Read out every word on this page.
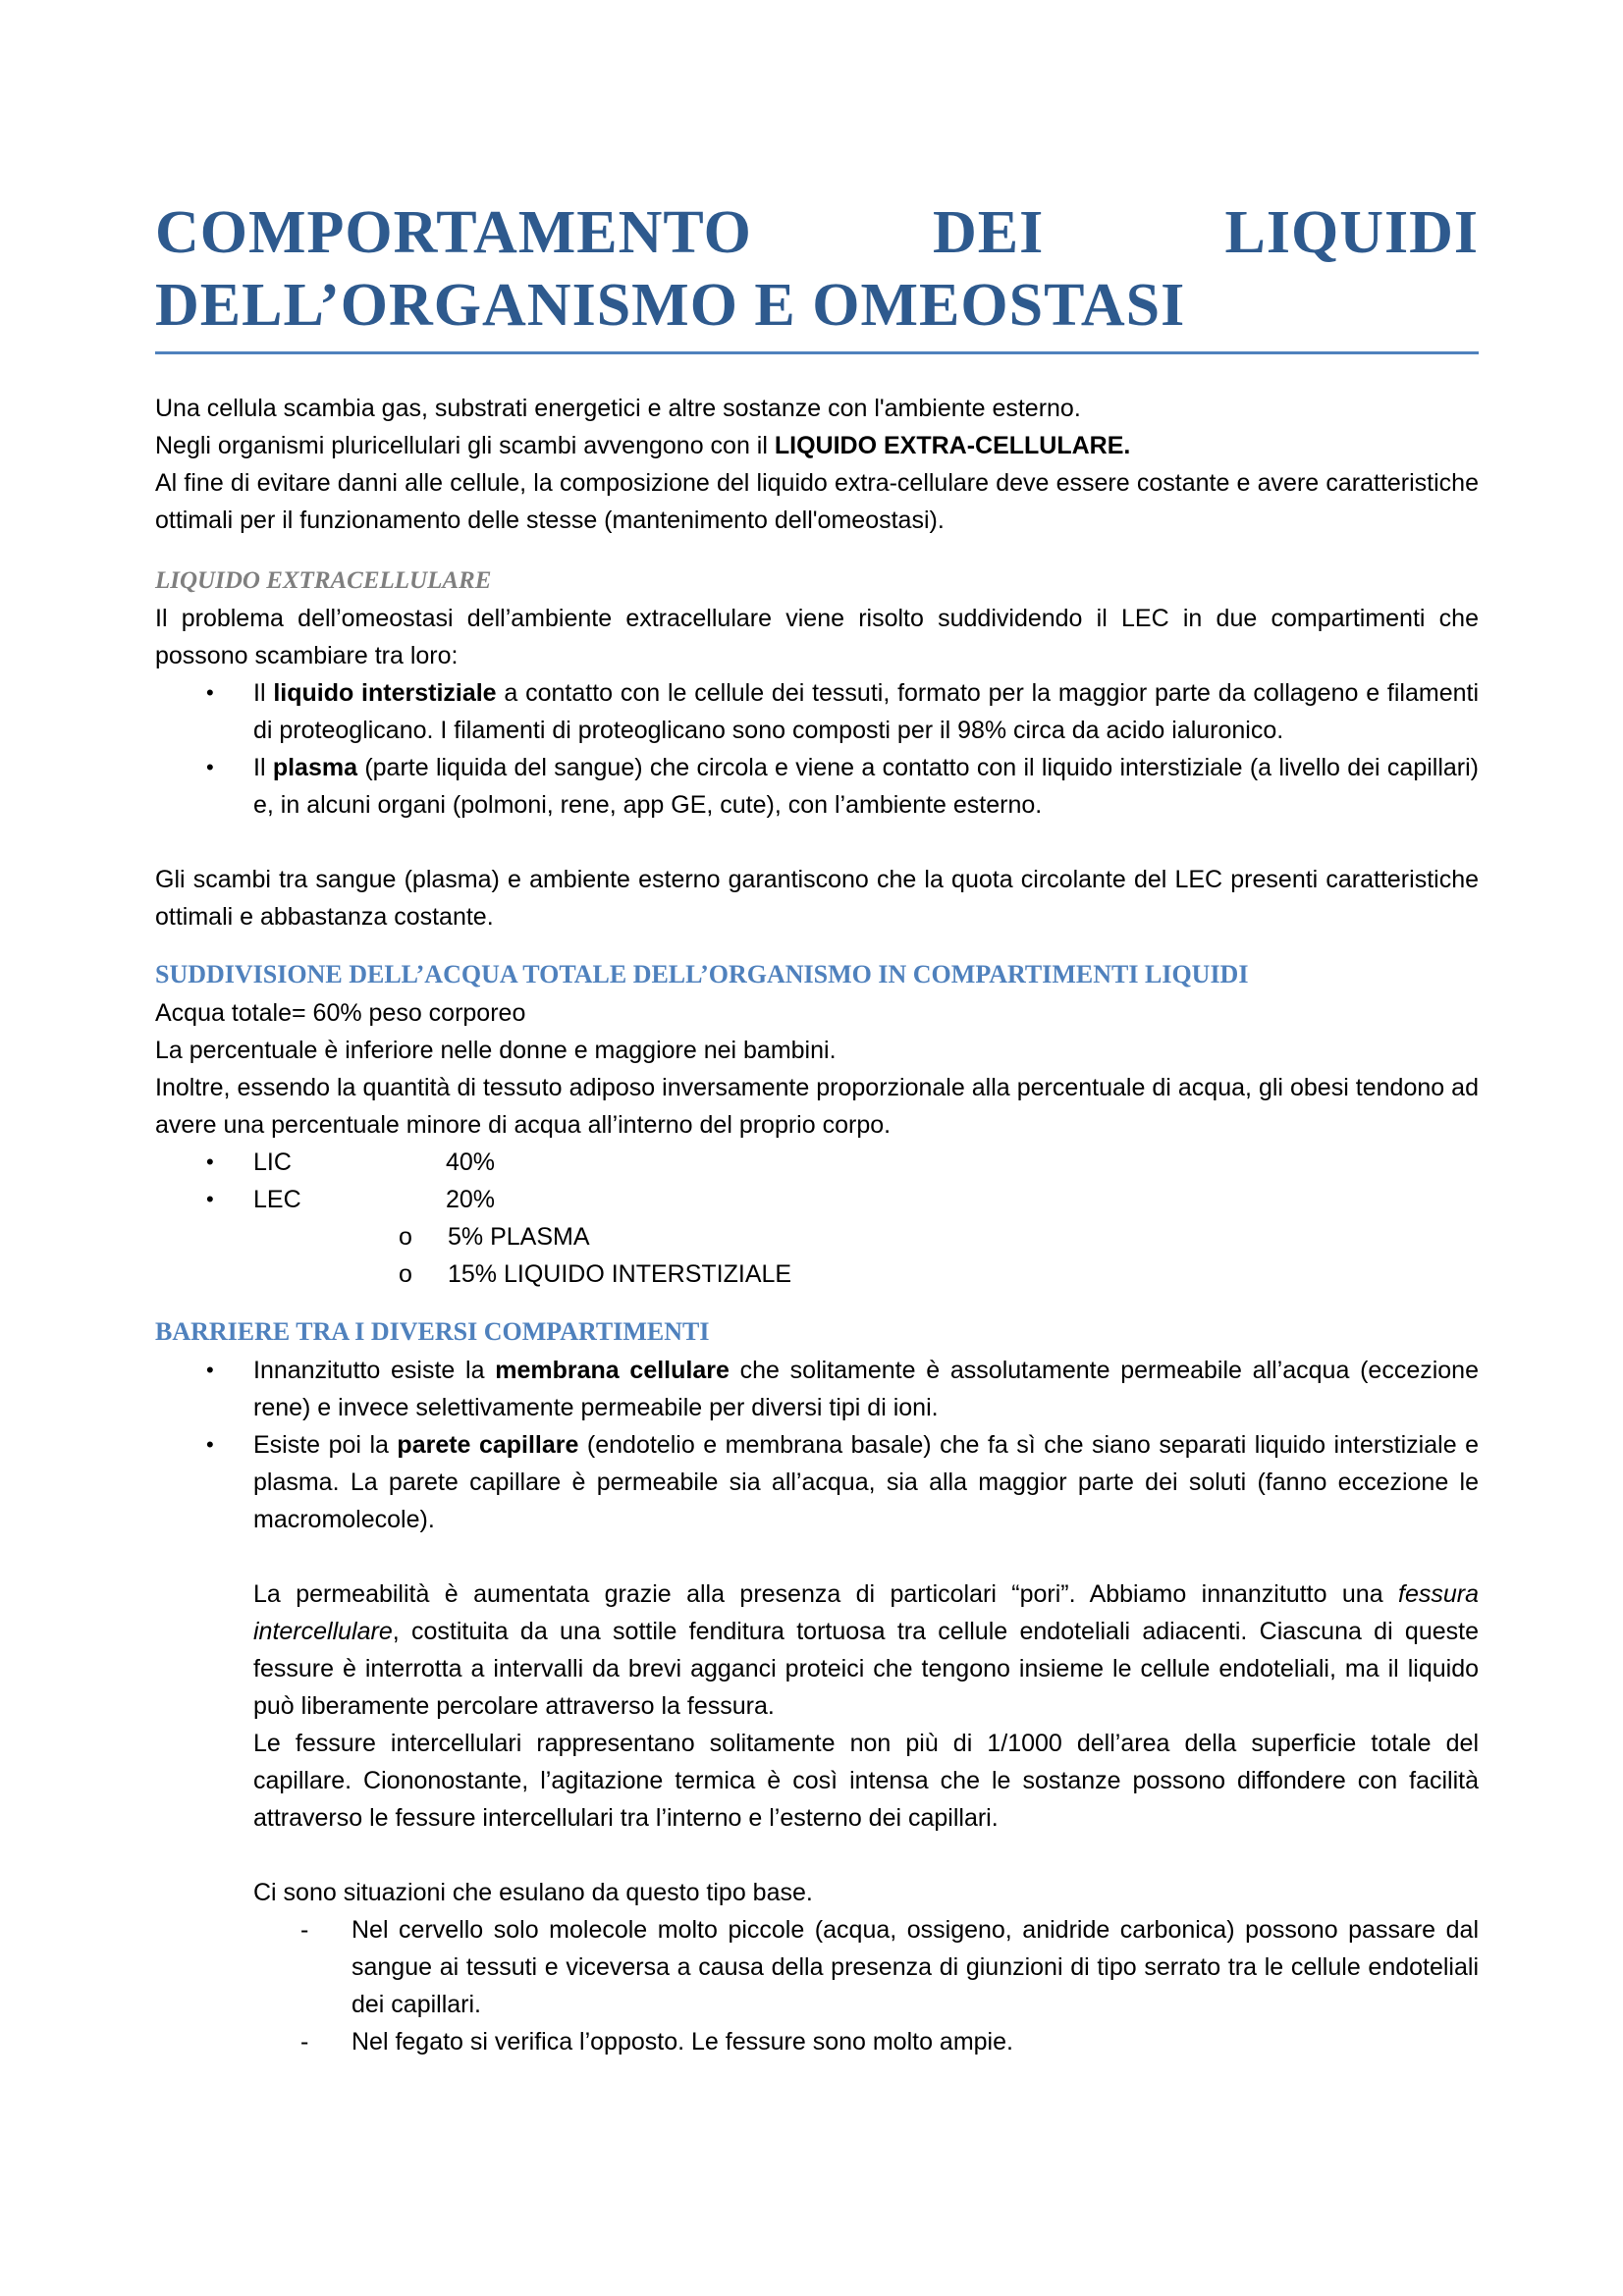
COMPORTAMENTO	DEI	LIQUIDI
DELL’ORGANISMO E OMEOSTASI

Una cellula scambia gas, substrati energetici e altre sostanze con l'ambiente esterno.

Negli organismi pluricellulari gli scambi avvengono con il LIQUIDO EXTRA-CELLULARE.

Al fine di evitare danni alle cellule, la composizione del liquido extra-cellulare deve essere costante e avere caratteristiche ottimali per il funzionamento delle stesse (mantenimento dell'omeostasi).

LIQUIDO EXTRACELLULARE

Il problema dell’omeostasi dell’ambiente extracellulare viene risolto suddividendo il LEC in due compartimenti che possono scambiare tra loro:

• Il liquido interstiziale a contatto con le cellule dei tessuti, formato per la maggior parte da collageno e filamenti di proteoglicano. I filamenti di proteoglicano sono composti per il 98% circa da acido ialuronico.
• Il plasma (parte liquida del sangue) che circola e viene a contatto con il liquido interstiziale (a livello dei capillari) e, in alcuni organi (polmoni, rene, app GE, cute), con l’ambiente esterno.

Gli scambi tra sangue (plasma) e ambiente esterno garantiscono che la quota circolante del LEC presenti caratteristiche ottimali e abbastanza costante.

SUDDIVISIONE DELL’ACQUA TOTALE DELL’ORGANISMO IN COMPARTIMENTI LIQUIDI

Acqua totale= 60% peso corporeo

La percentuale è inferiore nelle donne e maggiore nei bambini.

Inoltre, essendo la quantità di tessuto adiposo inversamente proporzionale alla percentuale di acqua, gli obesi tendono ad avere una percentuale minore di acqua all’interno del proprio corpo.

• LIC	40%
• LEC	20%
o	5% PLASMA
o	15% LIQUIDO INTERSTIZIALE
BARRIERE TRA I DIVERSI COMPARTIMENTI
• Innanzitutto esiste la membrana cellulare che solitamente è assolutamente permeabile all’acqua (eccezione rene) e invece selettivamente permeabile per diversi tipi di ioni.
• Esiste poi la parete capillare (endotelio e membrana basale) che fa sì che siano separati liquido interstiziale e plasma. La parete capillare è permeabile sia all’acqua, sia alla maggior parte dei soluti (fanno eccezione le macromolecole).

La permeabilità è aumentata grazie alla presenza di particolari “pori”. Abbiamo innanzitutto una fessura intercellulare, costituita da una sottile fenditura tortuosa tra cellule endoteliali adiacenti. Ciascuna di queste fessure è interrotta a intervalli da brevi agganci proteici che tengono insieme le cellule endoteliali, ma il liquido può liberamente percolare attraverso la fessura.

Le fessure intercellulari rappresentano solitamente non più di 1/1000 dell’area della superficie totale del capillare. Ciononostante, l’agitazione termica è così intensa che le sostanze possono diffondere con facilità attraverso le fessure intercellulari tra l’interno e l’esterno dei capillari.

Ci sono situazioni che esulano da questo tipo base.

- Nel cervello solo molecole molto piccole (acqua, ossigeno, anidride carbonica) possono passare dal sangue ai tessuti e viceversa a causa della presenza di giunzioni di tipo serrato tra le cellule endoteliali dei capillari.
- Nel fegato si verifica l’opposto. Le fessure sono molto ampie.
